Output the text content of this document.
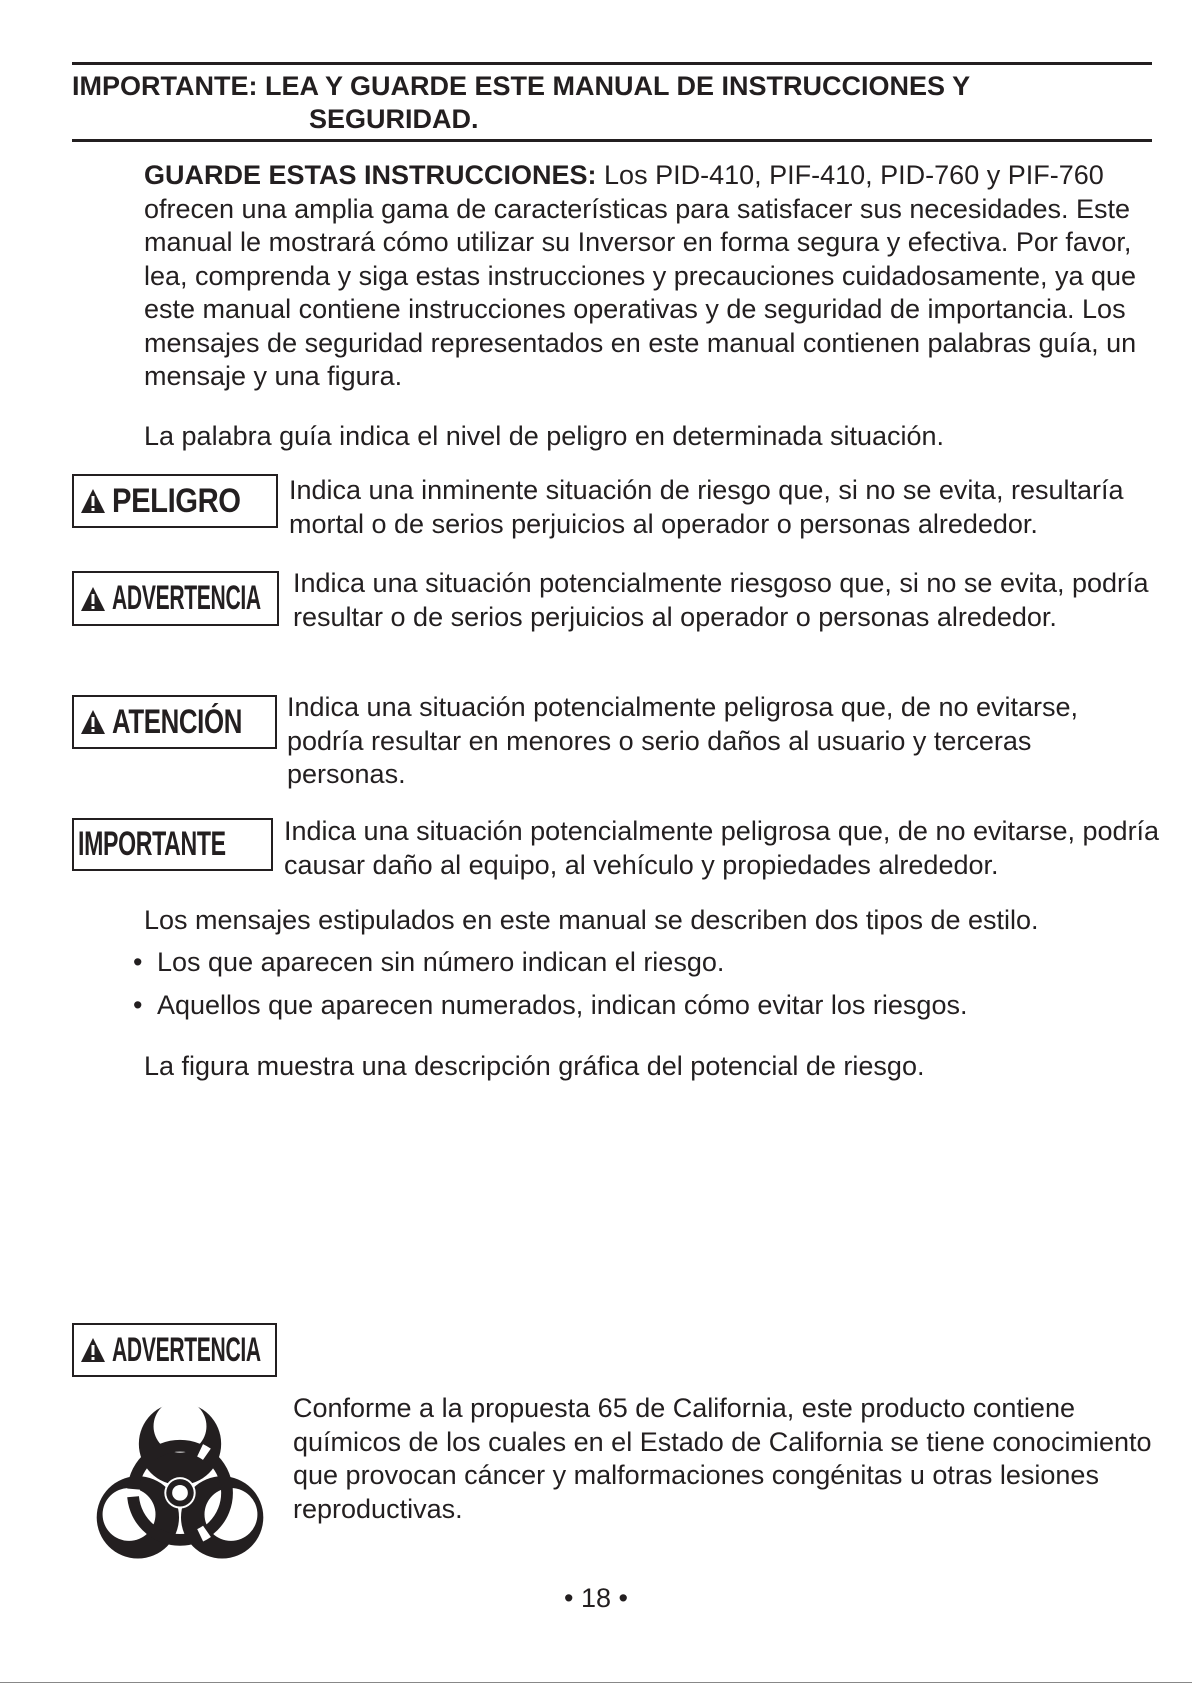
IMPORTANTE: LEA Y GUARDE ESTE MANUAL DE INSTRUCCIONES Y
SEGURIDAD.

GUARDE ESTAS INSTRUCCIONES: Los PID-410, PIF-410, PID-760 y PIF-760 ofrecen una amplia gama de características para satisfacer sus necesidades. Este manual le mostrará cómo utilizar su Inversor en forma segura y efectiva. Por favor, lea, comprenda y siga estas instrucciones y precauciones cuidadosamente, ya que este manual contiene instrucciones operativas y de seguridad de importancia. Los mensajes de seguridad representados en este manual contienen palabras guía, un mensaje y una figura.

La palabra guía indica el nivel de peligro en determinada situación.

PELIGRO Indica una inminente situación de riesgo que, si no se evita, resultaría mortal o de serios perjuicios al operador o personas alrededor.

ADVERTENCIA Indica una situación potencialmente riesgoso que, si no se evita, podría resultar o de serios perjuicios al operador o personas alrededor.

ATENCIÓN Indica una situación potencialmente peligrosa que, de no evitarse, podría resultar en menores o serio daños al usuario y terceras personas.

IMPORTANTE Indica una situación potencialmente peligrosa que, de no evitarse, podría causar daño al equipo, al vehículo y propiedades alrededor.

Los mensajes estipulados en este manual se describen dos tipos de estilo.

• Los que aparecen sin número indican el riesgo.
• Aquellos que aparecen numerados, indican cómo evitar los riesgos.

La figura muestra una descripción gráfica del potencial de riesgo.

ADVERTENCIA

Conforme a la propuesta 65 de California, este producto contiene químicos de los cuales en el Estado de California se tiene conocimiento que provocan cáncer y malformaciones congénitas u otras lesiones reproductivas.

• 18 •
